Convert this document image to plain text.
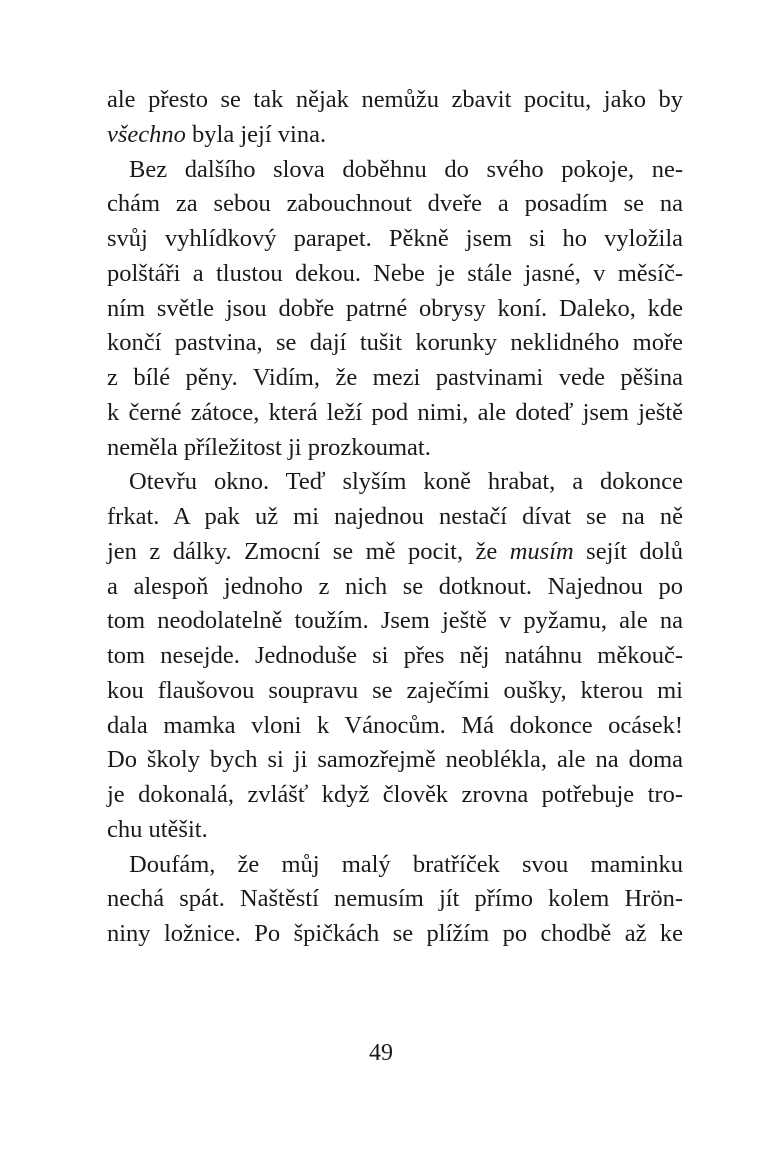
ale přesto se tak nějak nemůžu zbavit pocitu, jako by
všechno byla její vina.
Bez dalšího slova doběhnu do svého pokoje, ne-
chám za sebou zabouchnout dveře a posadím se na
svůj vyhlídkový parapet. Pěkně jsem si ho vyložila
polštáři a tlustou dekou. Nebe je stále jasné, v měsíč-
ním světle jsou dobře patrné obrysy koní. Daleko, kde
končí pastvina, se dají tušit korunky neklidného moře
z bílé pěny. Vidím, že mezi pastvinami vede pěšina
k černé zátoce, která leží pod nimi, ale doteď jsem ještě
neměla příležitost ji prozkoumat.
Otevřu okno. Teď slyším koně hrabat, a dokonce
frkat. A pak už mi najednou nestačí dívat se na ně
jen z dálky. Zmocní se mě pocit, že musím sejít dolů
a alespoň jednoho z nich se dotknout. Najednou po
tom neodolatelně toužím. Jsem ještě v pyžamu, ale na
tom nesejde. Jednoduše si přes něj natáhnu měkouč-
kou flaušovou soupravu se zaječími oušky, kterou mi
dala mamka vloni k Vánocům. Má dokonce ocásek!
Do školy bych si ji samozřejmě neoblékla, ale na doma
je dokonalá, zvlášť když člověk zrovna potřebuje tro-
chu utěšit.
Doufám, že můj malý bratříček svou maminku
nechá spát. Naštěstí nemusím jít přímo kolem Hrön-
niny ložnice. Po špičkách se plížím po chodbě až ke
49
